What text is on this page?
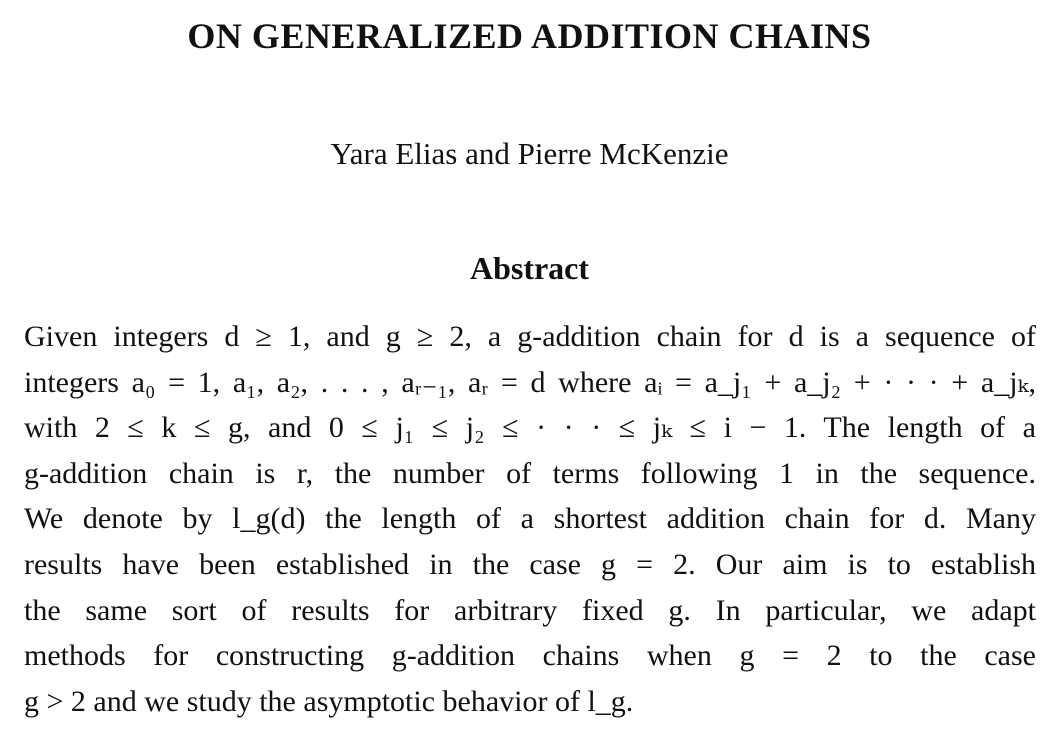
ON GENERALIZED ADDITION CHAINS
Yara Elias and Pierre McKenzie
Abstract
Given integers d ≥ 1, and g ≥ 2, a g-addition chain for d is a sequence of
integers a₀ = 1, a₁, a₂, . . . , aᵣ₋₁, aᵣ = d where aᵢ = a_j₁ + a_j₂ + · · · + a_jₖ,
with 2 ≤ k ≤ g, and 0 ≤ j₁ ≤ j₂ ≤ · · · ≤ jₖ ≤ i − 1. The length of a
g-addition chain is r, the number of terms following 1 in the sequence.
We denote by l_g(d) the length of a shortest addition chain for d. Many
results have been established in the case g = 2. Our aim is to establish
the same sort of results for arbitrary fixed g. In particular, we adapt
methods for constructing g-addition chains when g = 2 to the case
g > 2 and we study the asymptotic behavior of l_g.
